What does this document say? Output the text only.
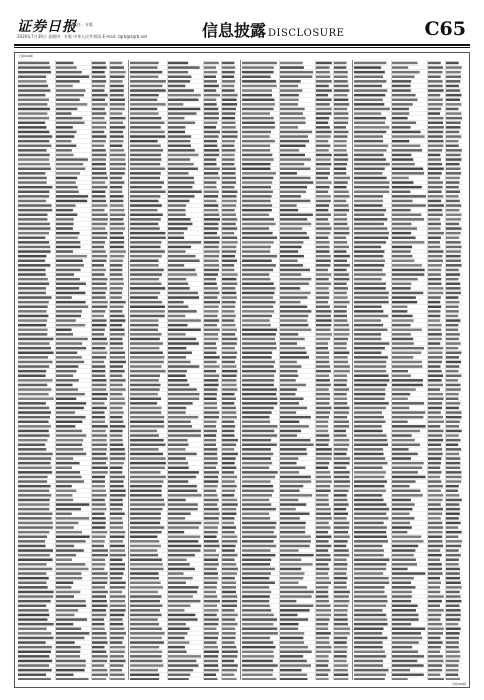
证券日报
责任 · 专版
2020年7月30日 星期四 · 专版 中华人民共和国 E-mail: zqrb@zqrb.net	信息披露 DISCLOSURE	C65
上接C64版
下转C66版
